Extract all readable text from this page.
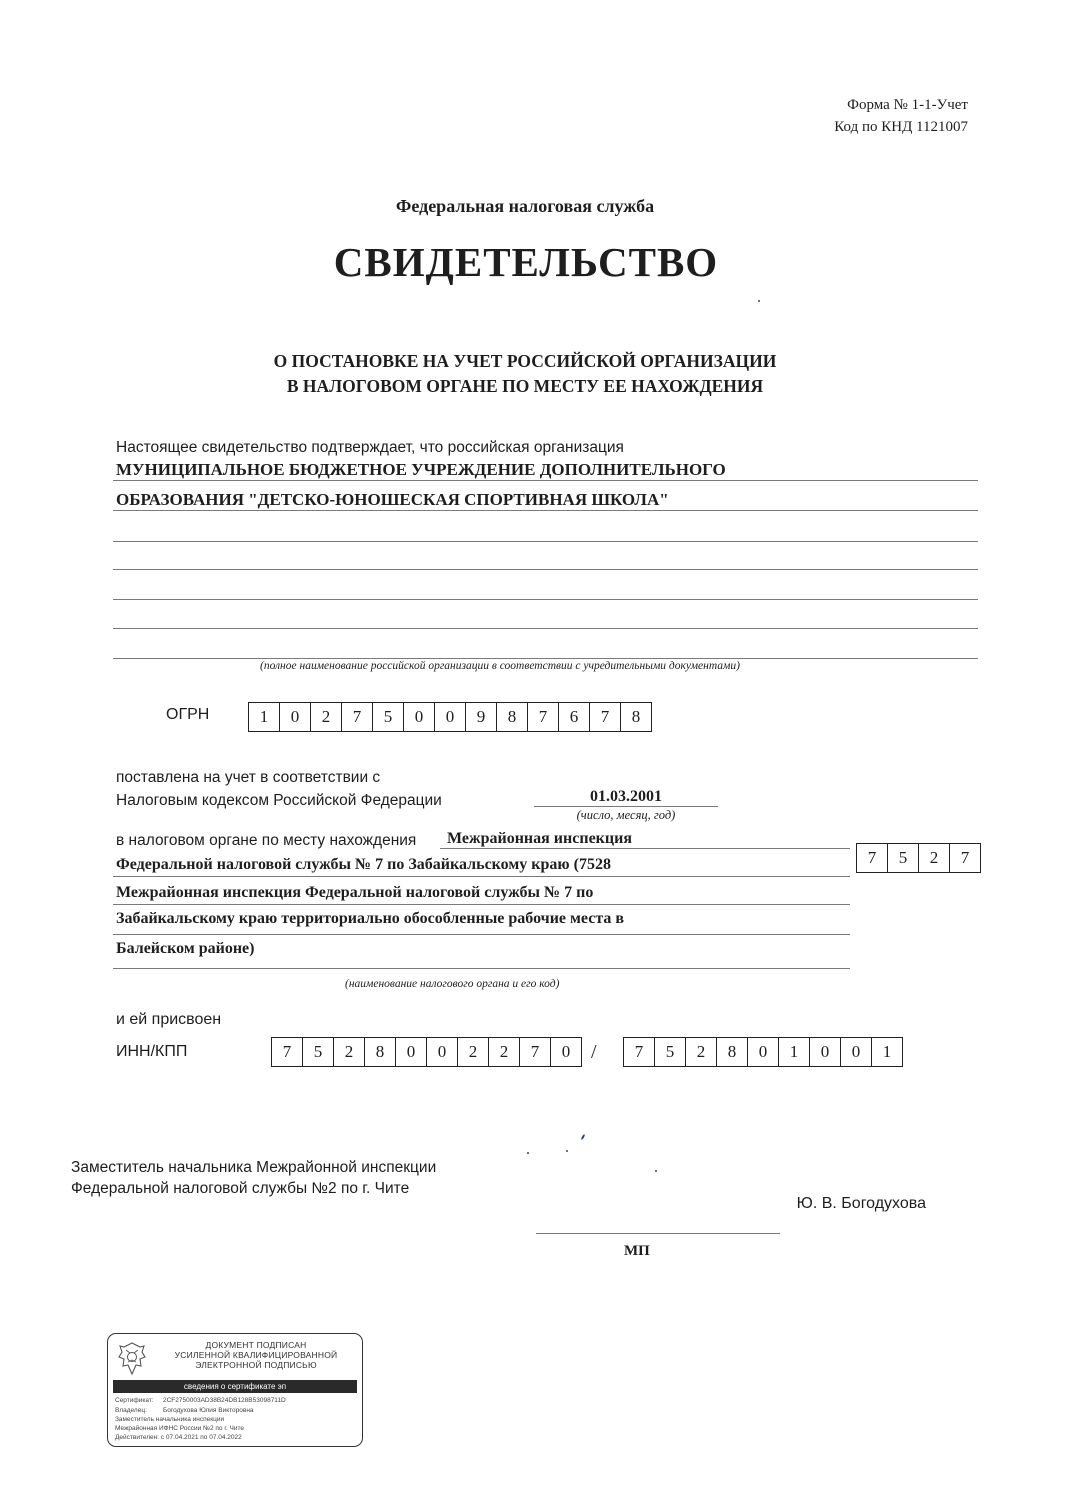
Форма № 1-1-Учет
Код по КНД 1121007
Федеральная налоговая служба
СВИДЕТЕЛЬСТВО
О ПОСТАНОВКЕ НА УЧЕТ РОССИЙСКОЙ ОРГАНИЗАЦИИ
В НАЛОГОВОМ ОРГАНЕ ПО МЕСТУ ЕЕ НАХОЖДЕНИЯ
Настоящее свидетельство подтверждает, что российская организация
МУНИЦИПАЛЬНОЕ БЮДЖЕТНОЕ УЧРЕЖДЕНИЕ ДОПОЛНИТЕЛЬНОГО
ОБРАЗОВАНИЯ "ДЕТСКО-ЮНОШЕСКАЯ СПОРТИВНАЯ ШКОЛА"
(полное наименование российской организации в соответствии с учредительными документами)
ОГРН	1	0	2	7	5	0	0	9	8	7	6	7	8
поставлена на учет в соответствии с
Налоговым кодексом Российской Федерации	01.03.2001
(число, месяц, год)
в налоговом органе по месту нахождения Межрайонная инспекция
Федеральной налоговой службы № 7 по Забайкальскому краю (7528
Межрайонная инспекция Федеральной налоговой службы № 7 по
Забайкальскому краю территориально обособленные рабочие места в
Балейском районе)
(наименование налогового органа и его код)
7	5	2	7
и ей присвоен
ИНН/КПП	7	5	2	8	0	0	2	2	7	0	/	7	5	2	8	0	1	0	0	1
Заместитель начальника Межрайонной инспекции
Федеральной налоговой службы №2 по г. Чите
Ю. В. Богодухова
МП
ДОКУМЕНТ ПОДПИСАН
УСИЛЕННОЙ КВАЛИФИЦИРОВАННОЙ
ЭЛЕКТРОННОЙ ПОДПИСЬЮ
сведения о сертификате эп
Сертификат: 2CF2750003AD38B24DB128B53098711D
Владелец: Богодухова Юлия Викторовна
Заместитель начальника инспекции
Межрайонная ИФНС России №2 по г. Чите
Действителен: с 07.04.2021 по 07.04.2022
